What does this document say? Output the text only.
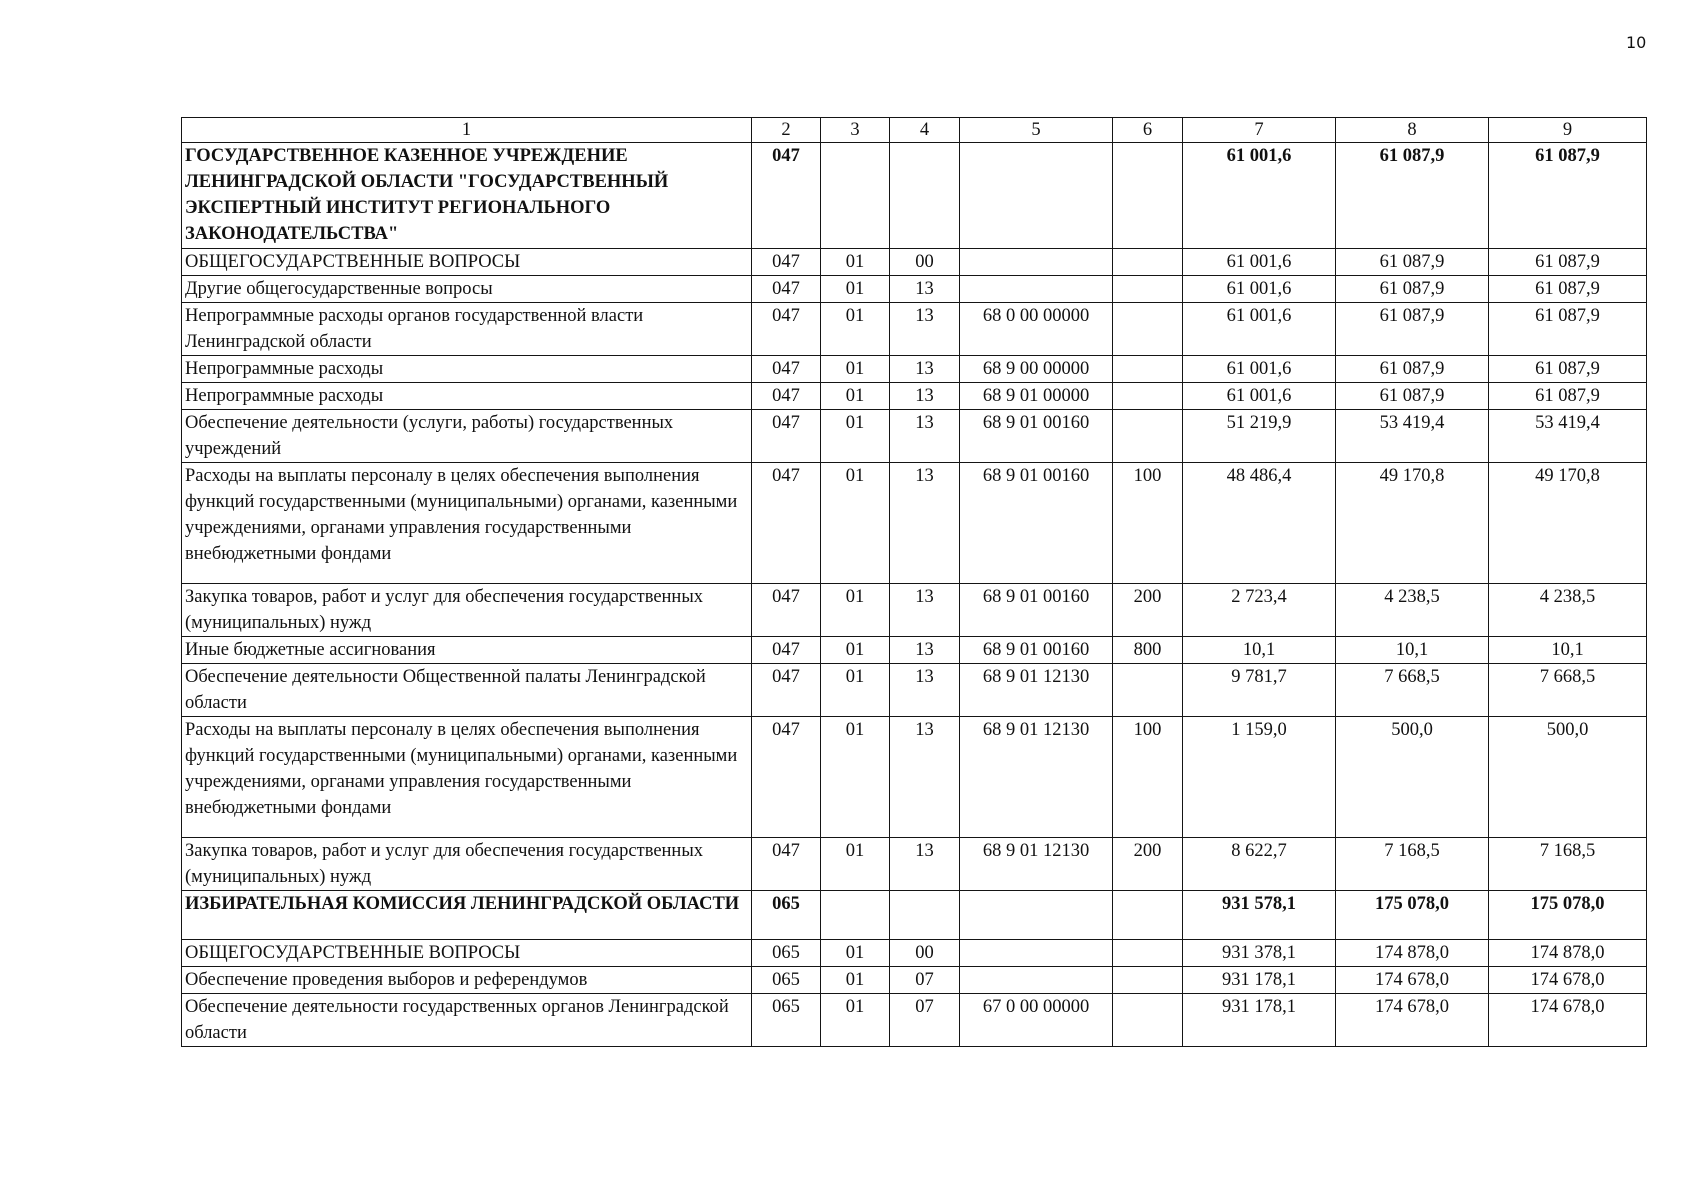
10
1	2	3	4	5	6	7	8	9
ГОСУДАРСТВЕННОЕ КАЗЕННОЕ УЧРЕЖДЕНИЕ ЛЕНИНГРАДСКОЙ ОБЛАСТИ "ГОСУДАРСТВЕННЫЙ ЭКСПЕРТНЫЙ ИНСТИТУТ РЕГИОНАЛЬНОГО ЗАКОНОДАТЕЛЬСТВА"	047					61 001,6	61 087,9	61 087,9
ОБЩЕГОСУДАРСТВЕННЫЕ ВОПРОСЫ	047	01	00			61 001,6	61 087,9	61 087,9
Другие общегосударственные вопросы	047	01	13			61 001,6	61 087,9	61 087,9
Непрограммные расходы органов государственной власти Ленинградской области	047	01	13	68 0 00 00000		61 001,6	61 087,9	61 087,9
Непрограммные расходы	047	01	13	68 9 00 00000		61 001,6	61 087,9	61 087,9
Непрограммные расходы	047	01	13	68 9 01 00000		61 001,6	61 087,9	61 087,9
Обеспечение деятельности (услуги, работы) государственных учреждений	047	01	13	68 9 01 00160		51 219,9	53 419,4	53 419,4
Расходы на выплаты персоналу в целях обеспечения выполнения функций государственными (муниципальными) органами, казенными учреждениями, органами управления государственными внебюджетными фондами	047	01	13	68 9 01 00160	100	48 486,4	49 170,8	49 170,8
Закупка товаров, работ и услуг для обеспечения государственных (муниципальных) нужд	047	01	13	68 9 01 00160	200	2 723,4	4 238,5	4 238,5
Иные бюджетные ассигнования	047	01	13	68 9 01 00160	800	10,1	10,1	10,1
Обеспечение деятельности Общественной палаты Ленинградской области	047	01	13	68 9 01 12130		9 781,7	7 668,5	7 668,5
Расходы на выплаты персоналу в целях обеспечения выполнения функций государственными (муниципальными) органами, казенными учреждениями, органами управления государственными внебюджетными фондами	047	01	13	68 9 01 12130	100	1 159,0	500,0	500,0
Закупка товаров, работ и услуг для обеспечения государственных (муниципальных) нужд	047	01	13	68 9 01 12130	200	8 622,7	7 168,5	7 168,5
ИЗБИРАТЕЛЬНАЯ КОМИССИЯ ЛЕНИНГРАДСКОЙ ОБЛАСТИ	065					931 578,1	175 078,0	175 078,0
ОБЩЕГОСУДАРСТВЕННЫЕ ВОПРОСЫ	065	01	00			931 378,1	174 878,0	174 878,0
Обеспечение проведения выборов и референдумов	065	01	07			931 178,1	174 678,0	174 678,0
Обеспечение деятельности государственных органов Ленинградской области	065	01	07	67 0 00 00000		931 178,1	174 678,0	174 678,0
